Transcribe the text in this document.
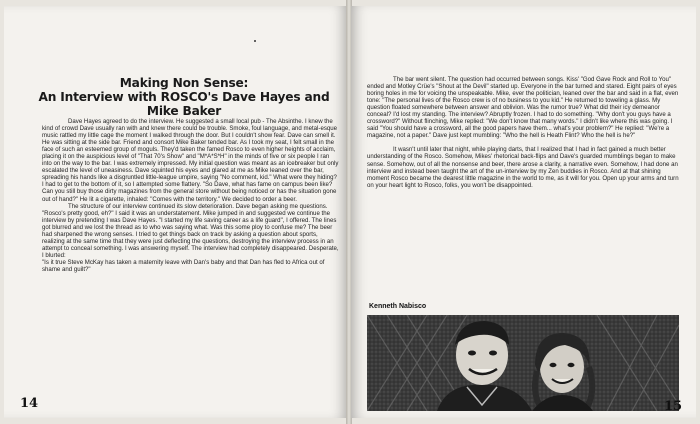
Making Non Sense:
An Interview with ROSCO's Dave Hayes and Mike Baker

Dave Hayes agreed to do the interview. He suggested a small local pub - The Absinthe. I knew the kind of crowd Dave usually ran with and knew there could be trouble. Smoke, foul language, and metal-esque music rattled my little cage the moment I walked through the door. But I couldn't show fear. Dave can smell it. He was sitting at the side bar. Friend and consort Mike Baker tended bar. As I took my seat, I felt small in the face of such an esteemed group of moguls. They'd taken the famed Rosco to even higher heights of acclaim, placing it on the auspicious level of "That 70's Show" and "M*A*S*H" in the minds of five or six people I ran into on the way to the bar. I was extremely impressed. My initial question was meant as an icebreaker but only escalated the level of uneasiness. Dave squinted his eyes and glared at me as Mike leaned over the bar, spreading his hands like a disgruntled little-league umpire, saying "No comment, kid." What were they hiding? I had to get to the bottom of it, so I attempted some flattery. "So Dave, what has fame on campus been like? Can you still buy those dirty magazines from the general store without being noticed or has the situation gone out of hand?" He lit a cigarette, inhaled: "Comes with the territory." We decided to order a beer.

The structure of our interview continued its slow deterioration. Dave began asking me questions. "Rosco's pretty good, eh?" I said it was an understatement. Mike jumped in and suggested we continue the interview by pretending I was Dave Hayes. "I started my life saving career as a life guard", I offered. The lines got blurred and we lost the thread as to who was saying what. Was this some ploy to confuse me? The beer had sharpened the wrong senses. I tried to get things back on track by asking a question about sports, realizing at the same time that they were just deflecting the questions, destroying the interview process in an attempt to conceal something. I was answering myself. The interview had completely disappeared. Desperate, I blurted:

"Is it true Steve McKay has taken a maternity leave with Dan's baby and that Dan has fled to Africa out of shame and guilt?"

14

The bar went silent. The question had occurred between songs. Kiss' "God Gave Rock and Roll to You" ended and Motley Crüe's "Shout at the Devil" started up. Everyone in the bar turned and stared. Eight pairs of eyes boring holes in me for voicing the unspeakable. Mike, ever the politician, leaned over the bar and said in a flat, even tone: "The personal lives of the Rosco crew is of no business to you kid." He returned to toweling a glass. My question floated somewhere between answer and oblivion. Was the rumor true? What did their icy demeanor conceal? I'd lost my standing. The interview? Abruptly frozen. I had to do something. "Why don't you guys have a crossword?" Without flinching, Mike replied: "We don't know that many words." I didn't like where this was going. I said "You should have a crossword, all the good papers have them... what's your problem?" He replied: "We're a magazine, not a paper." Dave just kept mumbling: "Who the hell is Heath Flint? Who the hell is he?"

It wasn't until later that night, while playing darts, that I realized that I had in fact gained a much better understanding of the Rosco. Somehow, Mikes' rhetorical back-flips and Dave's guarded mumblings began to make sense. Somehow, out of all the nonsense and beer, there arose a clarity, a narrative even. Somehow, I had done an interview and instead been taught the art of the un-interview by my Zen buddies in Rosco. And at that shining moment Rosco became the dearest little magazine in the world to me, as it will for you. Open up your arms and turn on your heart light to Rosco, folks, you won't be disappointed.

Kenneth Nabisco
15
